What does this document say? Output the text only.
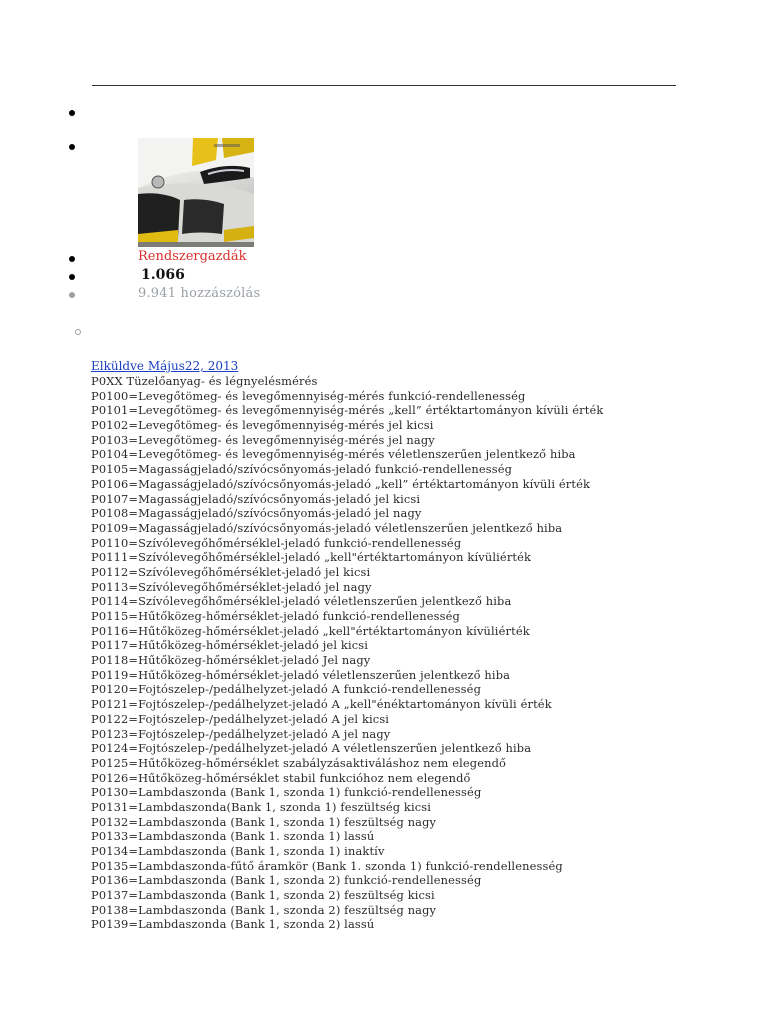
Rendszergazdák
1.066
9.941 hozzászólás
Elküldve Május22, 2013
P0XX Tüzelőanyag- és légnyelésmérés
P0100=Levegőtömeg- és levegőmennyiség-mérés funkció-rendellenesség
P0101=Levegőtömeg- és levegőmennyiség-mérés „kell” értéktartományon kívüli érték
P0102=Levegőtömeg- és levegőmennyiség-mérés jel kicsi
P0103=Levegőtömeg- és levegőmennyiség-mérés jel nagy
P0104=Levegőtömeg- és levegőmennyiség-mérés véletlenszerűen jelentkező hiba
P0105=Magasságjeladó/szívócsőnyomás-jeladó funkció-rendellenesség
P0106=Magasságjeladó/szívócsőnyomás-jeladó „kell” értéktartományon kívüli érték
P0107=Magasságjeladó/szívócsőnyomás-jeladó jel kicsi
P0108=Magasságjeladó/szívócsőnyomás-jeladó jel nagy
P0109=Magasságjeladó/szívócsőnyomás-jeladó véletlenszerűen jelentkező hiba
P0110=Szívólevegőhőmérséklel-jeladó funkció-rendellenesség
P0111=Szívólevegőhőmérséklel-jeladó „kell"értéktartományon kívüliérték
P0112=Szívólevegőhőmérséklet-jeladó jel kicsi
P0113=Szívólevegőhőmérséklet-jeladó jel nagy
P0114=Szívólevegőhőmérséklel-jeladó véletlenszerűen jelentkező hiba
P0115=Hűtőközeg-hőmérséklet-jeladó funkció-rendellenesség
P0116=Hűtőközeg-hőmérséklet-jeladó „kell"értéktartományon kívüliérték
P0117=Hűtőközeg-hőmérséklet-jeladó jel kicsi
P0118=Hűtőközeg-hőmérséklet-jeladó Jel nagy
P0119=Hűtőközeg-hőmérséklet-jeladó véletlenszerűen jelentkező hiba
P0120=Fojtószelep-/pedálhelyzet-jeladó A funkció-rendellenesség
P0121=Fojtószelep-/pedálhelyzet-jeladó A „kell"énéktartományon kívüli érték
P0122=Fojtószelep-/pedálhelyzet-jeladó A jel kicsi
P0123=Fojtószelep-/pedálhelyzet-jeladó A jel nagy
P0124=Fojtószelep-/pedálhelyzet-jeladó A véletlenszerűen jelentkező hiba
P0125=Hűtőközeg-hőmérséklet szabályzásaktiváláshoz nem elegendő
P0126=Hűtőközeg-hőmérséklet stabil funkcióhoz nem elegendő
P0130=Lambdaszonda (Bank 1, szonda 1) funkció-rendellenesség
P0131=Lambdaszonda(Bank 1, szonda 1) feszültség kicsi
P0132=Lambdaszonda (Bank 1, szonda 1) feszültség nagy
P0133=Lambdaszonda (Bank 1. szonda 1) lassú
P0134=Lambdaszonda (Bank 1, szonda 1) inaktív
P0135=Lambdaszonda-fűtő áramkör (Bank 1. szonda 1) funkció-rendellenesség
P0136=Lambdaszonda (Bank 1, szonda 2) funkció-rendellenesség
P0137=Lambdaszonda (Bank 1, szonda 2) feszültség kicsi
P0138=Lambdaszonda (Bank 1, szonda 2) feszültség nagy
P0139=Lambdaszonda (Bank 1, szonda 2) lassú
